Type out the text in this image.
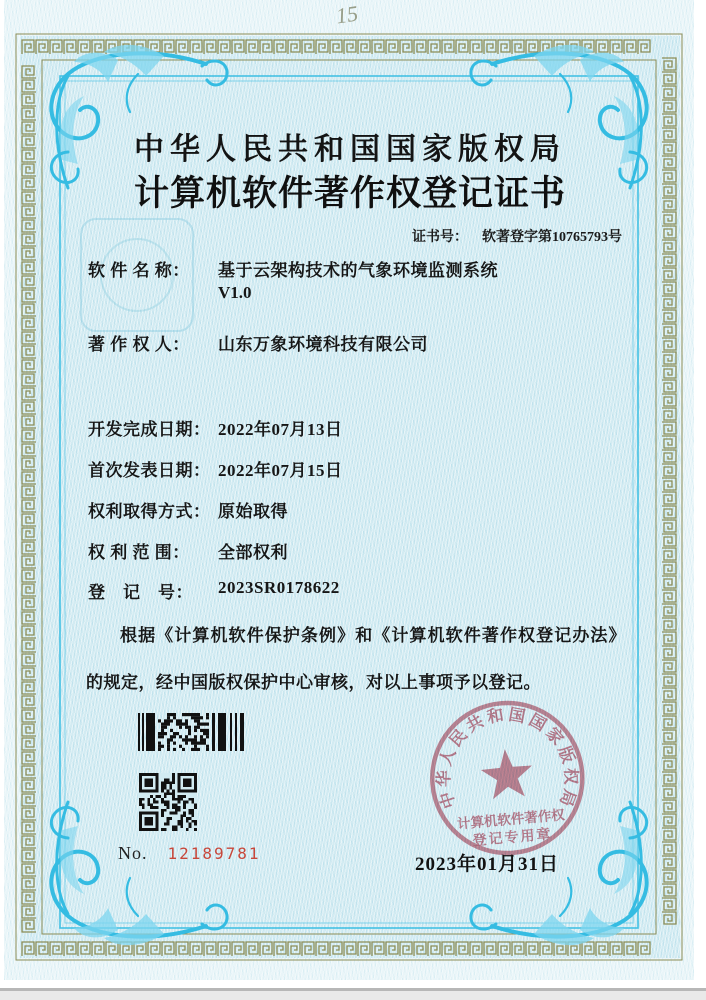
15
中华人民共和国国家版权局
计算机软件著作权登记证书
证书号： 软著登字第10765793号
软 件 名 称：	基于云架构技术的气象环境监测系统
V1.0
著 作 权 人：	山东万象环境科技有限公司
开发完成日期： 2022年07月13日
首次发表日期： 2022年07月15日
权利取得方式： 原始取得
权 利 范 围：	全部权利
登　记　号：	2023SR0178622
根据《计算机软件保护条例》和《计算机软件著作权登记办法》的规定，经中国版权保护中心审核，对以上事项予以登记。
No. 12189781
中华人民共和国国家版权局
计算机软件著作权
登记专用章
2023年01月31日
